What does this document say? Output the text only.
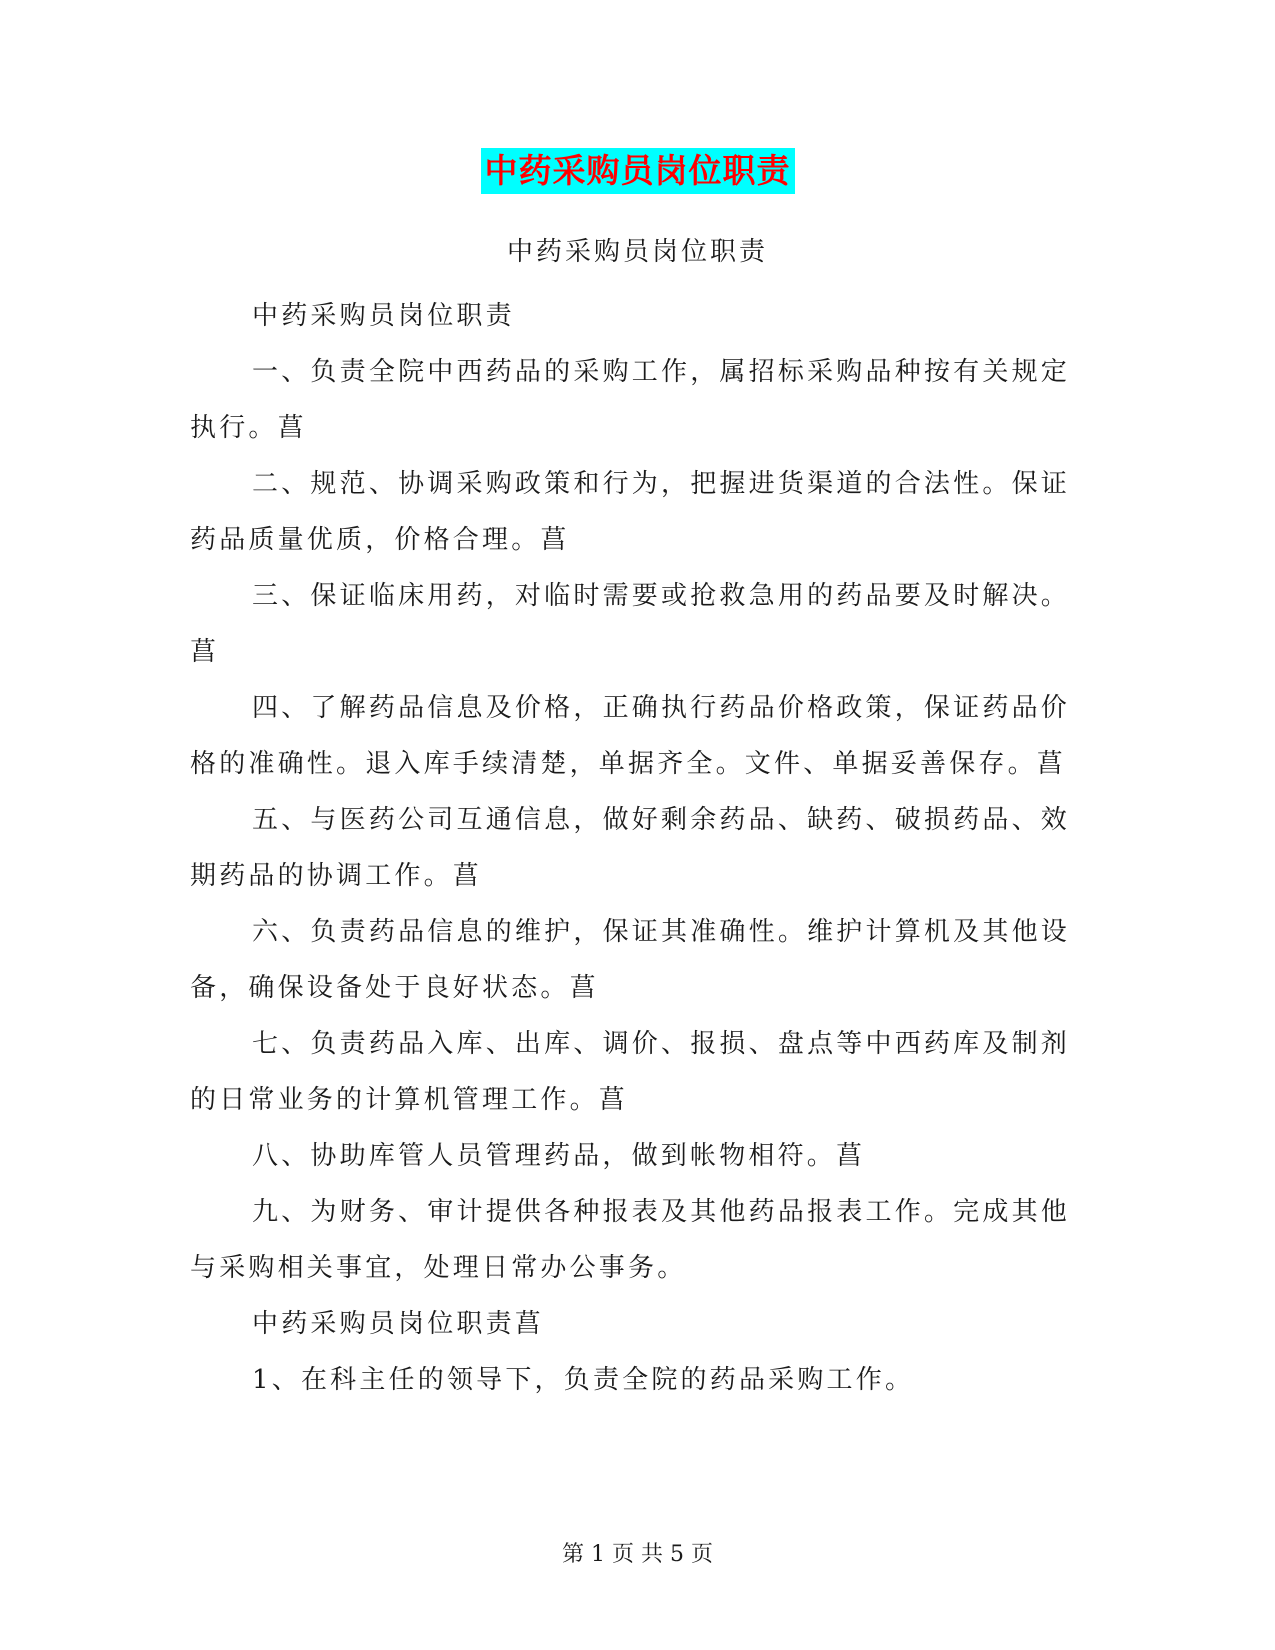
中药采购员岗位职责
中药采购员岗位职责

中药采购员岗位职责

一、负责全院中西药品的采购工作，属招标采购品种按有关规定执行。菖

二、规范、协调采购政策和行为，把握进货渠道的合法性。保证药品质量优质，价格合理。菖

三、保证临床用药，对临时需要或抢救急用的药品要及时解决。菖

四、了解药品信息及价格，正确执行药品价格政策，保证药品价格的准确性。退入库手续清楚，单据齐全。文件、单据妥善保存。菖

五、与医药公司互通信息，做好剩余药品、缺药、破损药品、效期药品的协调工作。菖

六、负责药品信息的维护，保证其准确性。维护计算机及其他设备，确保设备处于良好状态。菖

七、负责药品入库、出库、调价、报损、盘点等中西药库及制剂的日常业务的计算机管理工作。菖

八、协助库管人员管理药品，做到帐物相符。菖

九、为财务、审计提供各种报表及其他药品报表工作。完成其他与采购相关事宜，处理日常办公事务。

中药采购员岗位职责菖

1、在科主任的领导下，负责全院的药品采购工作。

第 1 页 共 5 页
